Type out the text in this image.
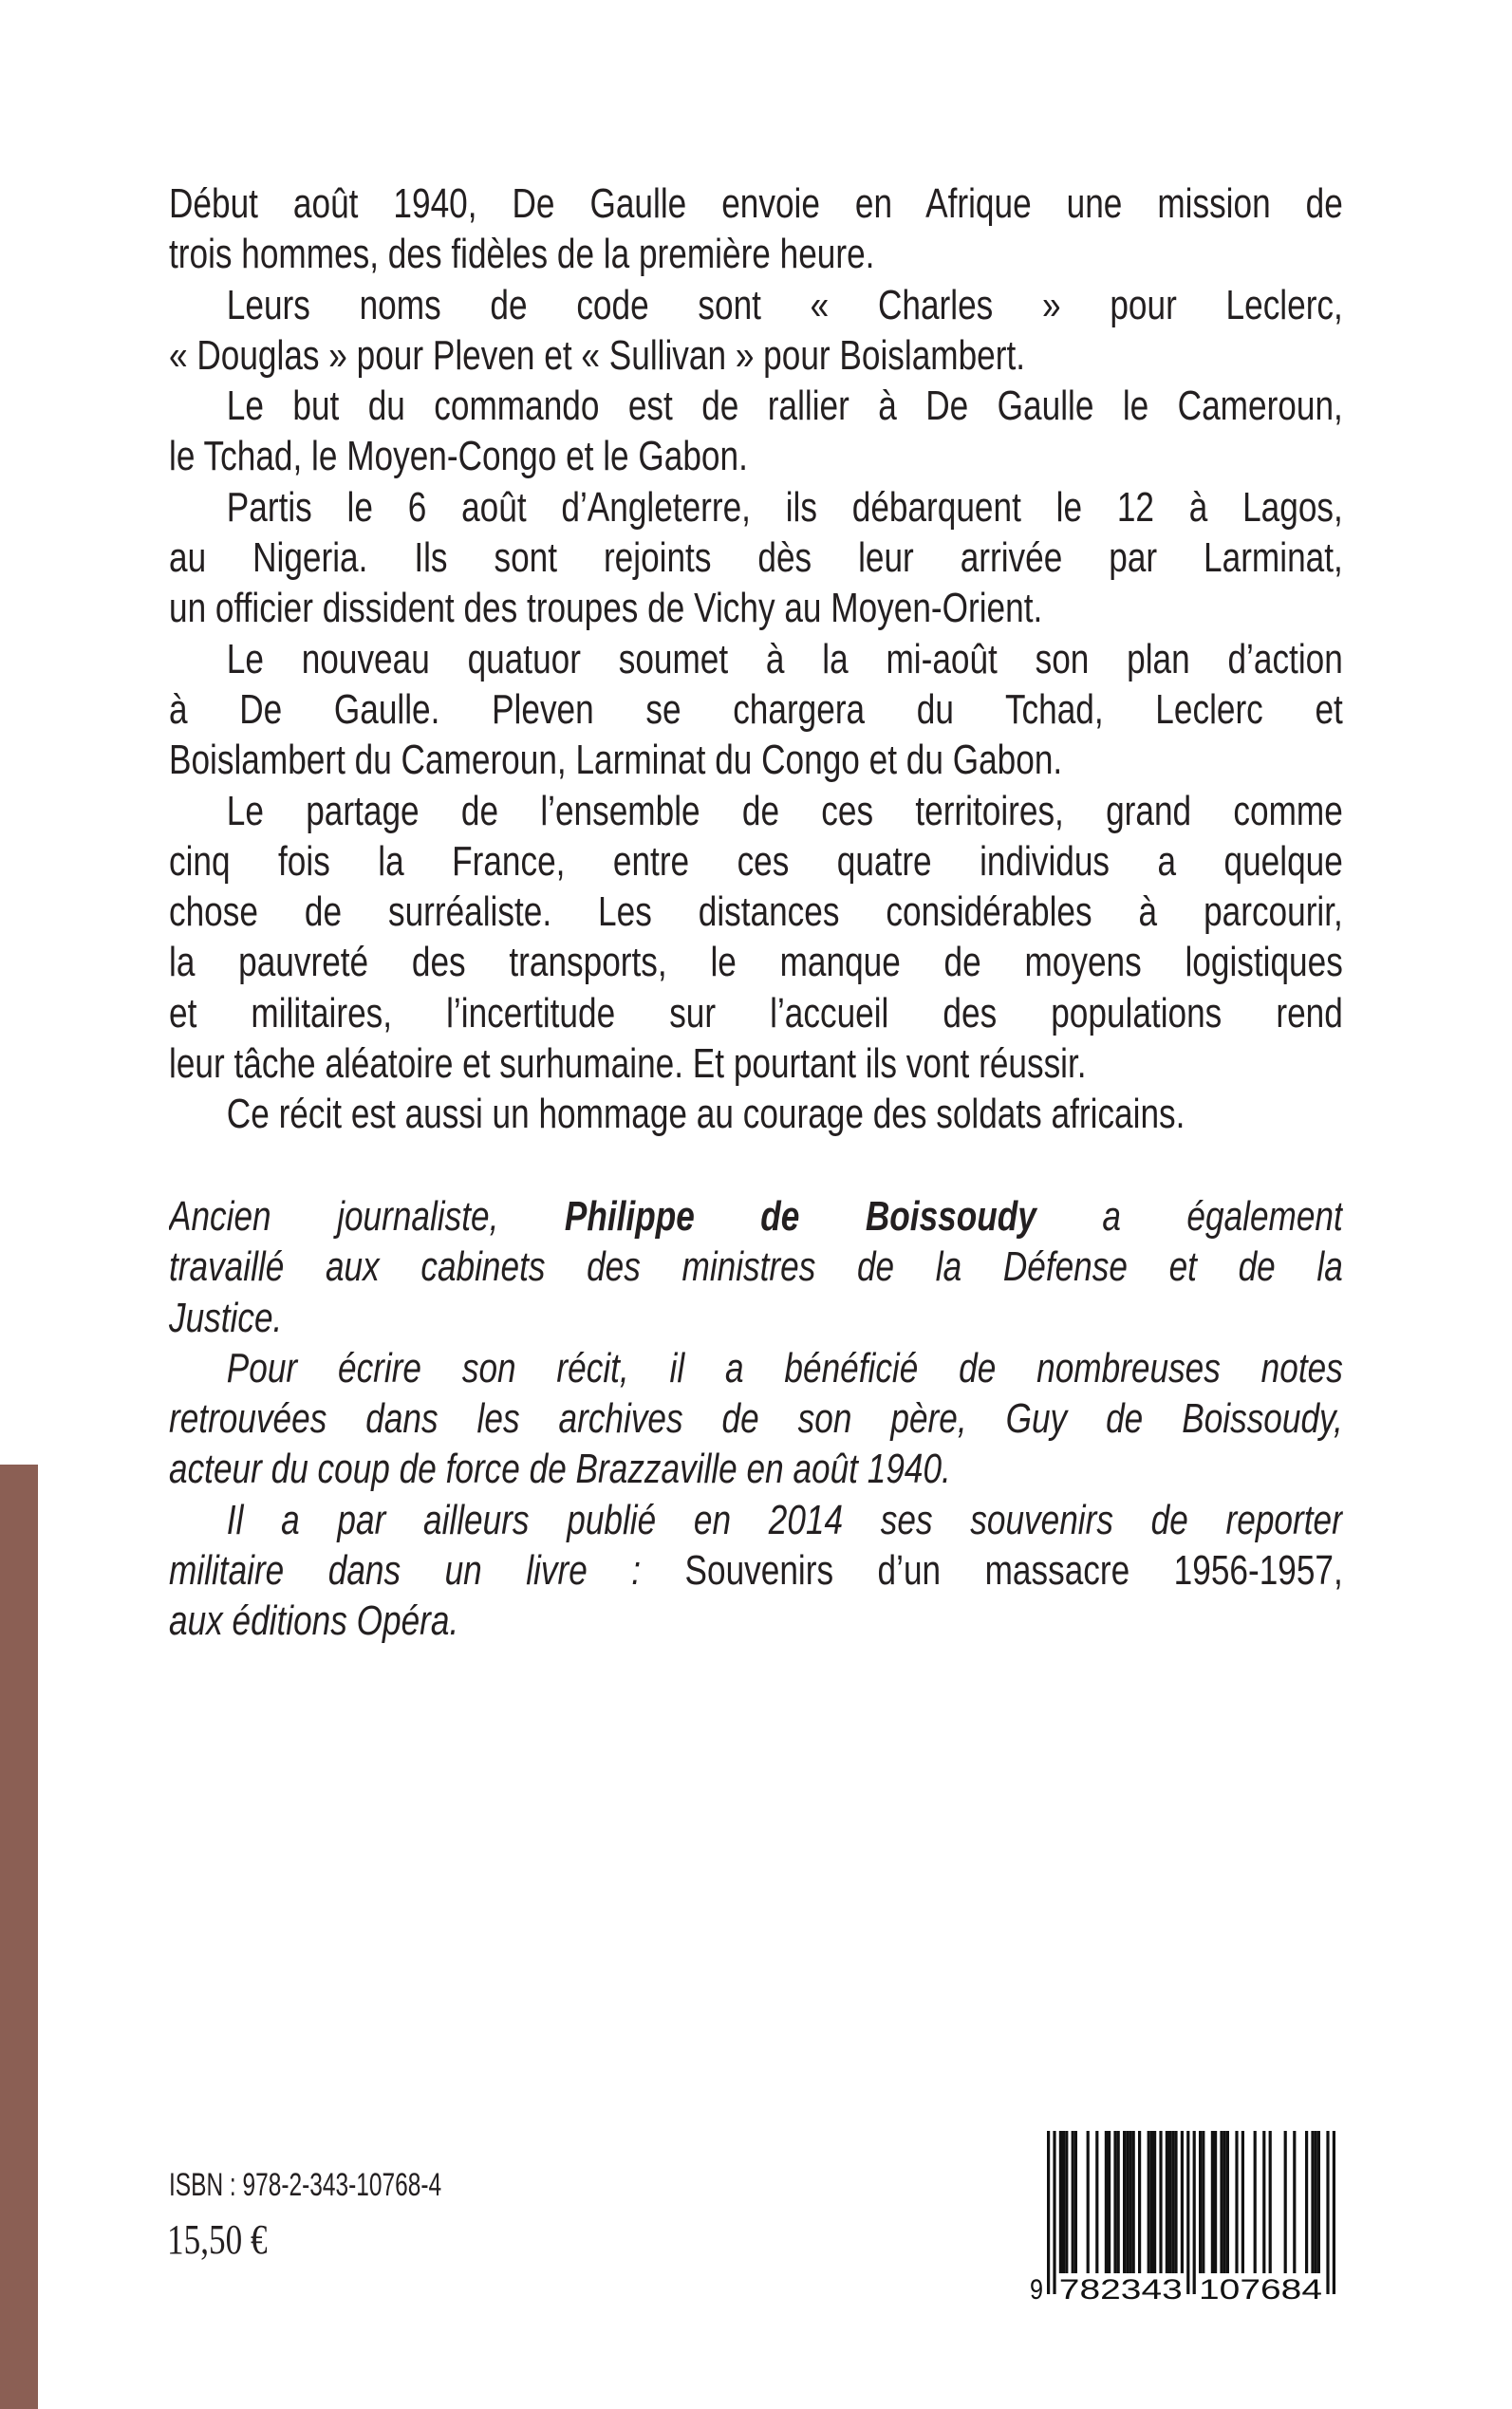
Début août 1940, De Gaulle envoie en Afrique une mission de
trois hommes, des fidèles de la première heure.
Leurs noms de code sont « Charles » pour Leclerc,
« Douglas » pour Pleven et « Sullivan » pour Boislambert.
Le but du commando est de rallier à De Gaulle le Cameroun,
le Tchad, le Moyen-Congo et le Gabon.
Partis le 6 août d’Angleterre, ils débarquent le 12 à Lagos,
au Nigeria. Ils sont rejoints dès leur arrivée par Larminat,
un officier dissident des troupes de Vichy au Moyen-Orient.
Le nouveau quatuor soumet à la mi-août son plan d’action
à De Gaulle. Pleven se chargera du Tchad, Leclerc et
Boislambert du Cameroun, Larminat du Congo et du Gabon.
Le partage de l’ensemble de ces territoires, grand comme
cinq fois la France, entre ces quatre individus a quelque
chose de surréaliste. Les distances considérables à parcourir,
la pauvreté des transports, le manque de moyens logistiques
et militaires, l’incertitude sur l’accueil des populations rend
leur tâche aléatoire et surhumaine. Et pourtant ils vont réussir.
Ce récit est aussi un hommage au courage des soldats africains.
Ancien journaliste, Philippe de Boissoudy a également
travaillé aux cabinets des ministres de la Défense et de la
Justice.
Pour écrire son récit, il a bénéficié de nombreuses notes
retrouvées dans les archives de son père, Guy de Boissoudy,
acteur du coup de force de Brazzaville en août 1940.
Il a par ailleurs publié en 2014 ses souvenirs de reporter
militaire dans un livre : Souvenirs d’un massacre 1956-1957,
aux éditions Opéra.
ISBN : 978-2-343-10768-4
15,50 €
9 782343 107684
